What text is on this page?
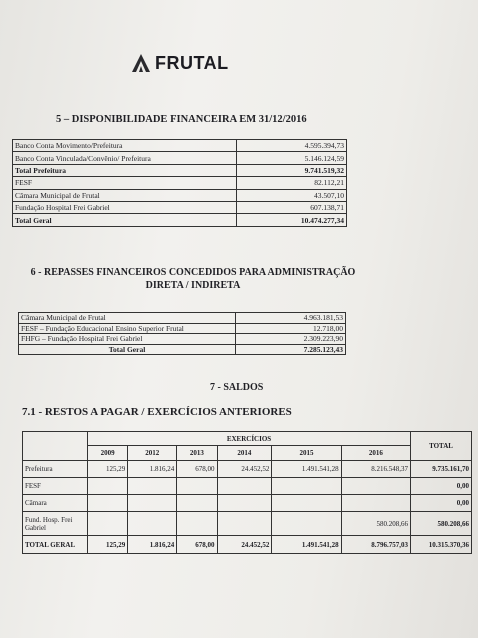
FRUTAL
5 – DISPONIBILIDADE FINANCEIRA EM 31/12/2016
Banco Conta Movimento/Prefeitura	4.595.394,73
Banco Conta Vinculada/Convênio/ Prefeitura	5.146.124,59
Total Prefeitura	9.741.519,32
FESF	82.112,21
Câmara Municipal de Frutal	43.507,10
Fundação Hospital Frei Gabriel	607.138,71
Total Geral	10.474.277,34
6 - REPASSES FINANCEIROS CONCEDIDOS PARA ADMINISTRAÇÃO
DIRETA / INDIRETA
Câmara Municipal de Frutal	4.963.181,53
FESF – Fundação Educacional Ensino Superior Frutal	12.718,00
FHFG – Fundação Hospital Frei Gabriel	2.309.223,90
Total Geral	7.285.123,43
7 - SALDOS
7.1 - RESTOS A PAGAR / EXERCÍCIOS ANTERIORES
	EXERCÍCIOS						TOTAL
	2009	2012	2013	2014	2015	2016	
Prefeitura	125,29	1.816,24	678,00	24.452,52	1.491.541,28	8.216.548,37	9.735.161,70
FESF							0,00
Câmara							0,00
Fund. Hosp. Frei Gabriel						580.208,66	580.208,66
TOTAL GERAL	125,29	1.816,24	678,00	24.452,52	1.491.541,28	8.796.757,03	10.315.370,36
